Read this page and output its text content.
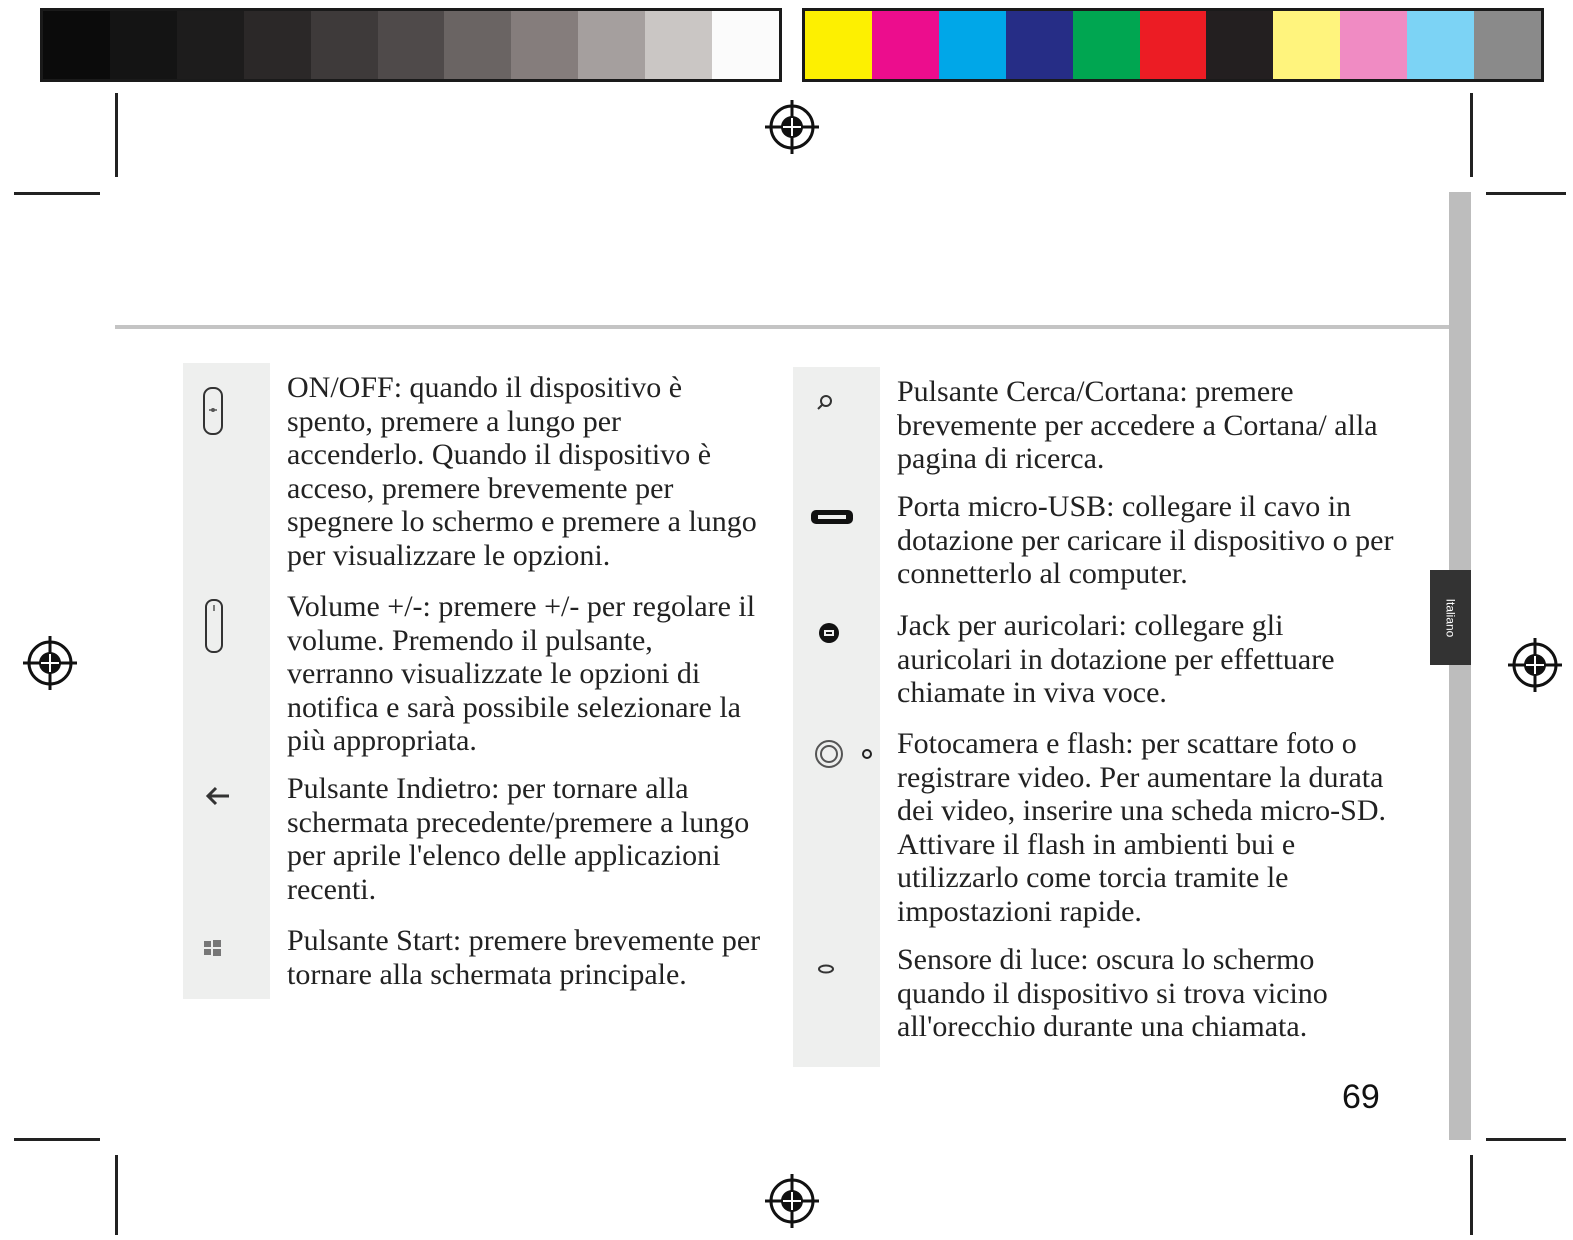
Italiano

ON/OFF: quando il dispositivo è spento, premere a lungo per accenderlo. Quando il dispositivo è acceso, premere brevemente per spegnere lo schermo e premere a lungo per visualizzare le opzioni.

Volume +/-: premere +/- per regolare il volume. Premendo il pulsante, verranno visualizzate le opzioni di notifica e sarà possibile selezionare la più appropriata.

Pulsante Indietro: per tornare alla schermata precedente/premere a lungo per aprile l'elenco delle applicazioni recenti.

Pulsante Start: premere brevemente per tornare alla schermata principale.

Pulsante Cerca/Cortana: premere brevemente per accedere a Cortana/ alla pagina di ricerca.

Porta micro-USB: collegare il cavo in dotazione per caricare il dispositivo o per connetterlo al computer.

Jack per auricolari: collegare gli auricolari in dotazione per effettuare chiamate in viva voce.

Fotocamera e flash: per scattare foto o registrare video. Per aumentare la durata dei video, inserire una scheda micro-SD. Attivare il flash in ambienti bui e utilizzarlo come torcia tramite le impostazioni rapide.

Sensore di luce: oscura lo schermo quando il dispositivo si trova vicino all'orecchio durante una chiamata.

69
